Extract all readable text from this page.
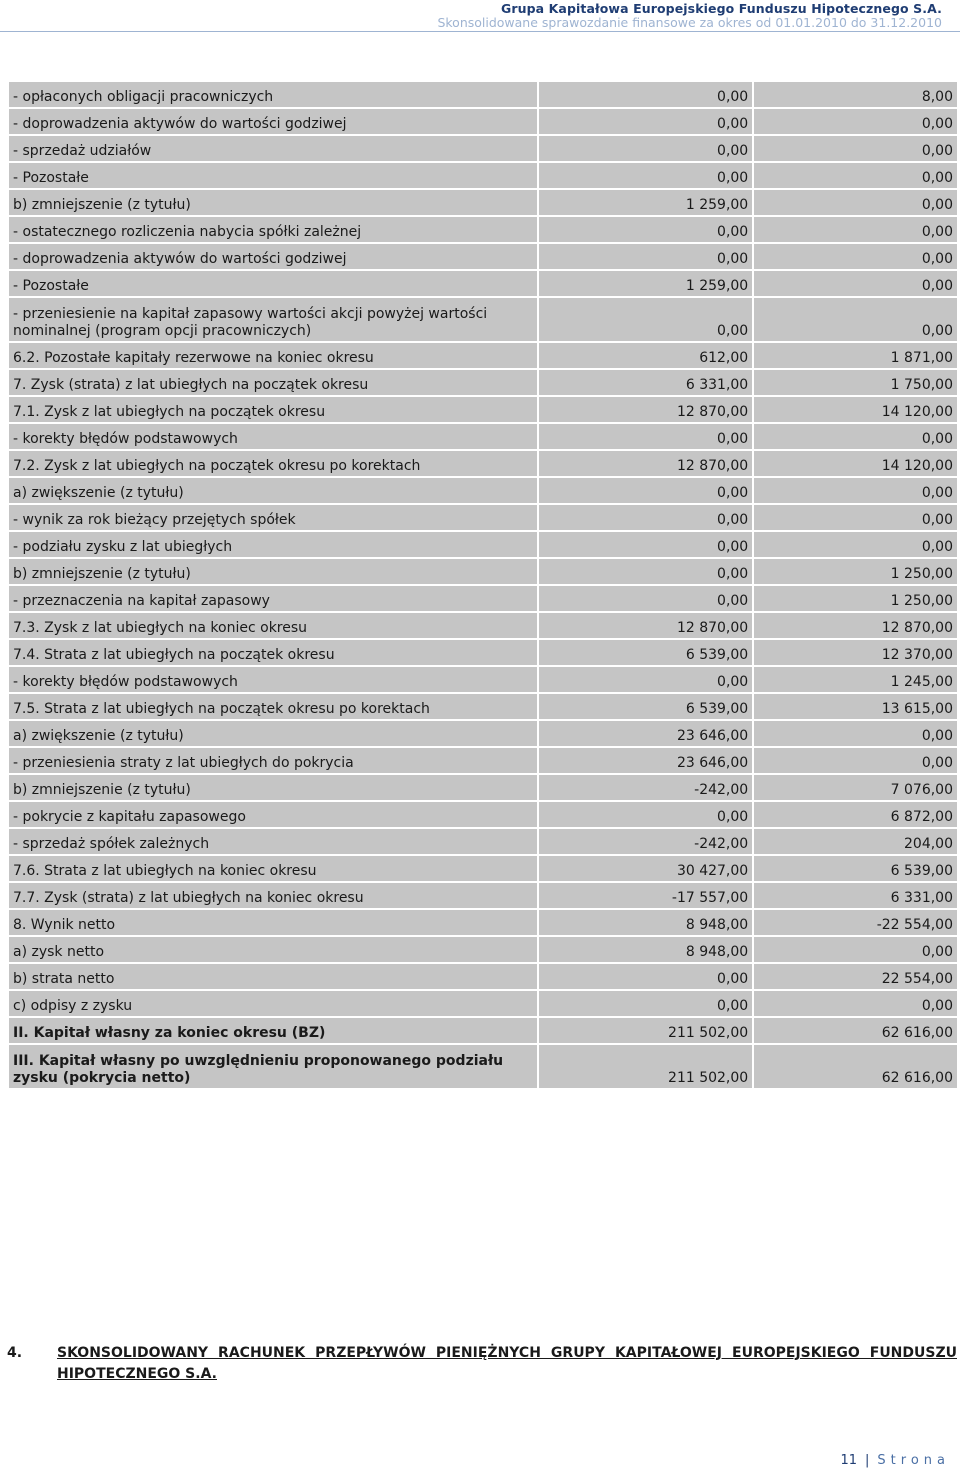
Grupa Kapitałowa Europejskiego Funduszu Hipotecznego S.A.
Skonsolidowane sprawozdanie finansowe za okres od 01.01.2010 do 31.12.2010
- opłaconych obligacji pracowniczych	0,00	8,00
- doprowadzenia aktywów do wartości godziwej	0,00	0,00
- sprzedaż udziałów	0,00	0,00
- Pozostałe	0,00	0,00
b) zmniejszenie (z tytułu)	1 259,00	0,00
- ostatecznego rozliczenia nabycia spółki zależnej	0,00	0,00
- doprowadzenia aktywów do wartości godziwej	0,00	0,00
- Pozostałe	1 259,00	0,00
- przeniesienie na kapitał zapasowy wartości akcji powyżej wartości nominalnej (program opcji pracowniczych)	0,00	0,00
6.2. Pozostałe kapitały rezerwowe na koniec okresu	612,00	1 871,00
7. Zysk (strata) z lat ubiegłych na początek okresu	6 331,00	1 750,00
7.1. Zysk z lat ubiegłych na początek okresu	12 870,00	14 120,00
- korekty błędów podstawowych	0,00	0,00
7.2. Zysk z lat ubiegłych na początek okresu po korektach	12 870,00	14 120,00
a) zwiększenie (z tytułu)	0,00	0,00
- wynik za rok bieżący przejętych spółek	0,00	0,00
- podziału zysku z lat ubiegłych	0,00	0,00
b) zmniejszenie (z tytułu)	0,00	1 250,00
- przeznaczenia na kapitał zapasowy	0,00	1 250,00
7.3. Zysk z lat ubiegłych na koniec okresu	12 870,00	12 870,00
7.4. Strata z lat ubiegłych na początek okresu	6 539,00	12 370,00
- korekty błędów podstawowych	0,00	1 245,00
7.5. Strata z lat ubiegłych na początek okresu po korektach	6 539,00	13 615,00
a) zwiększenie (z tytułu)	23 646,00	0,00
- przeniesienia straty z lat ubiegłych do pokrycia	23 646,00	0,00
b) zmniejszenie (z tytułu)	-242,00	7 076,00
- pokrycie z kapitału zapasowego	0,00	6 872,00
- sprzedaż spółek zależnych	-242,00	204,00
7.6. Strata z lat ubiegłych na koniec okresu	30 427,00	6 539,00
7.7. Zysk (strata) z lat ubiegłych na koniec okresu	-17 557,00	6 331,00
8. Wynik netto	8 948,00	-22 554,00
a) zysk netto	8 948,00	0,00
b) strata netto	0,00	22 554,00
c) odpisy z zysku	0,00	0,00
II. Kapitał własny za koniec okresu (BZ)	211 502,00	62 616,00
III. Kapitał własny po uwzględnieniu proponowanego podziału zysku (pokrycia netto)	211 502,00	62 616,00
4. SKONSOLIDOWANY RACHUNEK PRZEPŁYWÓW PIENIĘŻNYCH GRUPY KAPITAŁOWEJ EUROPEJSKIEGO FUNDUSZU HIPOTECZNEGO S.A.
11 | Strona
